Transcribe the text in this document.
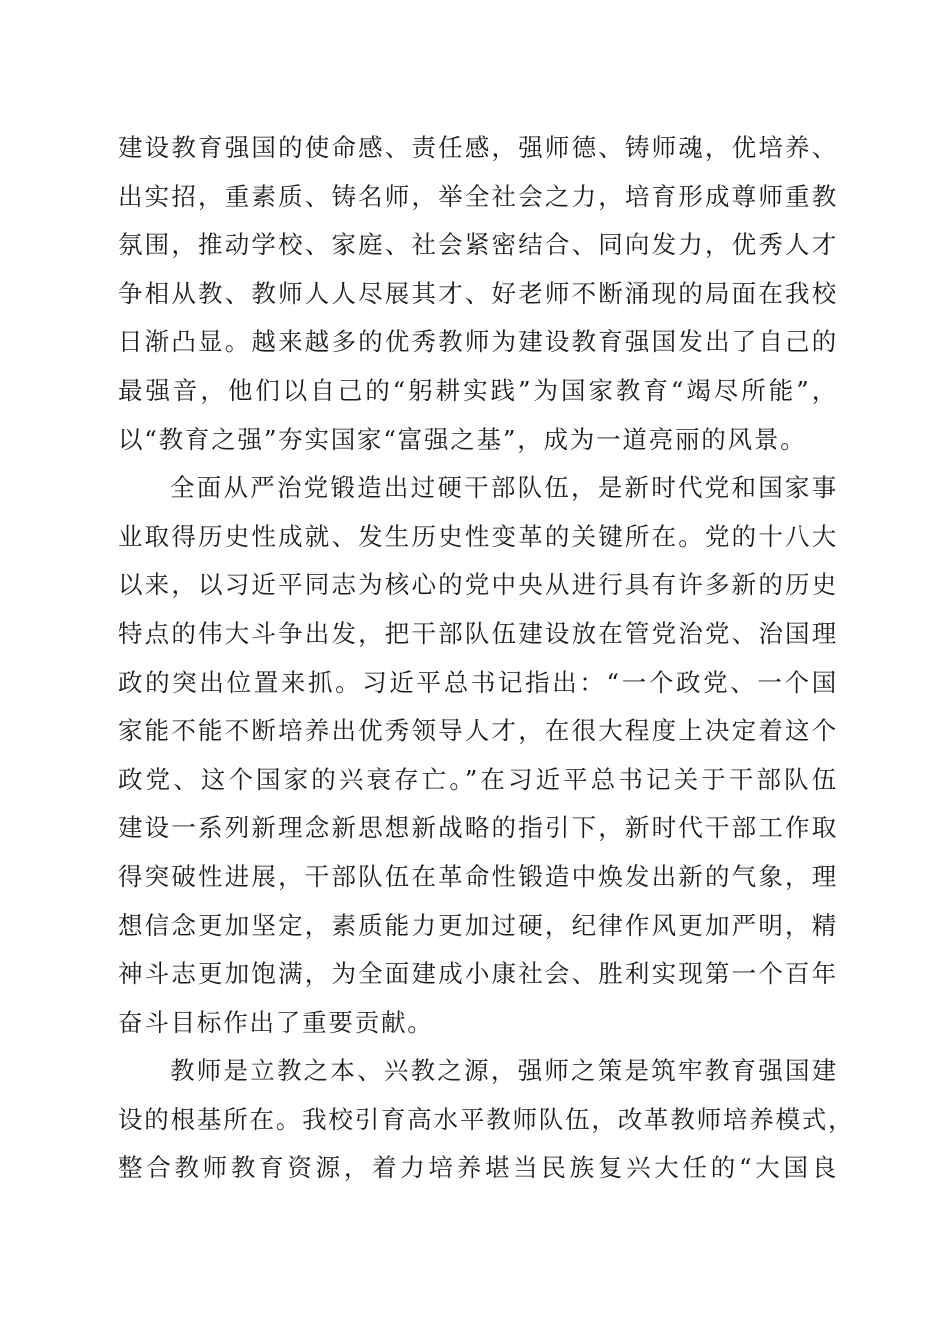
建设教育强国的使命感、责任感，强师德、铸师魂，优培养、
出实招，重素质、铸名师，举全社会之力，培育形成尊师重教
氛围，推动学校、家庭、社会紧密结合、同向发力，优秀人才
争相从教、教师人人尽展其才、好老师不断涌现的局面在我校
日渐凸显。越来越多的优秀教师为建设教育强国发出了自己的
最强音，他们以自己的“躬耕实践”为国家教育“竭尽所能”，
以“教育之强”夯实国家“富强之基”，成为一道亮丽的风景。
全面从严治党锻造出过硬干部队伍，是新时代党和国家事
业取得历史性成就、发生历史性变革的关键所在。党的十八大
以来，以习近平同志为核心的党中央从进行具有许多新的历史
特点的伟大斗争出发，把干部队伍建设放在管党治党、治国理
政的突出位置来抓。习近平总书记指出：“一个政党、一个国
家能不能不断培养出优秀领导人才，在很大程度上决定着这个
政党、这个国家的兴衰存亡。”在习近平总书记关于干部队伍
建设一系列新理念新思想新战略的指引下，新时代干部工作取
得突破性进展，干部队伍在革命性锻造中焕发出新的气象，理
想信念更加坚定，素质能力更加过硬，纪律作风更加严明，精
神斗志更加饱满，为全面建成小康社会、胜利实现第一个百年
奋斗目标作出了重要贡献。
教师是立教之本、兴教之源，强师之策是筑牢教育强国建
设的根基所在。我校引育高水平教师队伍，改革教师培养模式，
整合教师教育资源，着力培养堪当民族复兴大任的“大国良
